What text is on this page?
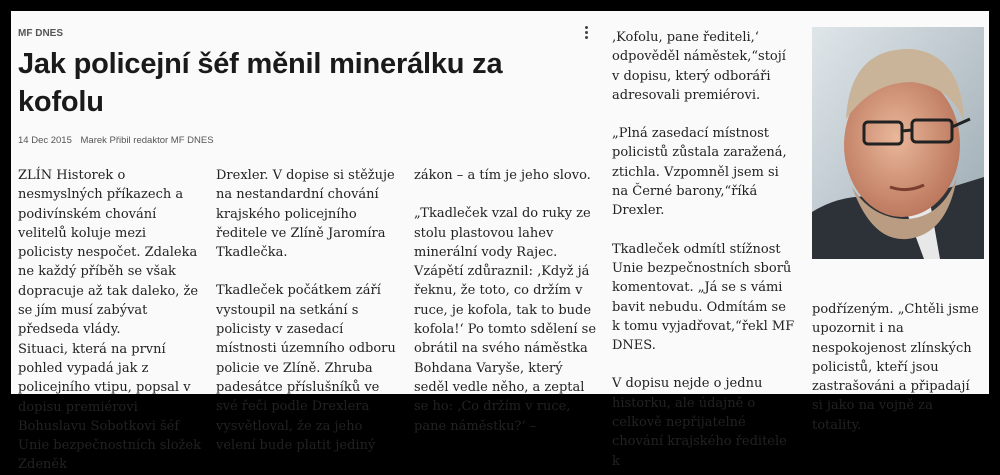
MF DNES
Jak policejní šéf měnil minerálku za kofolu
14 Dec 2015 Marek Přibil redaktor MF DNES

ZLÍN Historek o nesmyslných příkazech a podivínském chování velitelů koluje mezi policisty nespočet. Zdaleka ne každý příběh se však dopracuje až tak daleko, že se jím musí zabývat předseda vlády.

Situaci, která na první pohled vypadá jak z policejního vtipu, popsal v dopisu premiérovi Bohuslavu Sobotkovi šéf Unie bezpečnostních složek Zdeněk

Drexler. V dopise si stěžuje na nestandardní chování krajského policejního ředitele ve Zlíně Jaromíra Tkadlečka.

Tkadleček počátkem září vystoupil na setkání s policisty v zasedací místnosti územního odboru policie ve Zlíně. Zhruba padesátce příslušníků ve své řeči podle Drexlera vysvětloval, že za jeho velení bude platit jediný

zákon – a tím je jeho slovo.

„Tkadleček vzal do ruky ze stolu plastovou lahev minerální vody Rajec. Vzápětí zdůraznil: ‚Když já řeknu, že toto, co držím v ruce, je kofola, tak to bude kofola!‘ Po tomto sdělení se obrátil na svého náměstka Bohdana Varyše, který seděl vedle něho, a zeptal se ho: ‚Co držím v ruce, pane náměstku?‘ –

‚Kofolu, pane řediteli,‘ odpověděl náměstek,“stojí v dopisu, který odboráři adresovali premiérovi.

„Plná zasedací místnost policistů zůstala zaražená, ztichla. Vzpomněl jsem si na Černé barony,“říká Drexler.

Tkadleček odmítl stížnost Unie bezpečnostních sborů komentovat. „Já se s vámi bavit nebudu. Odmítám se k tomu vyjadřovat,“řekl MF DNES.

V dopisu nejde o jednu historku, ale údajně o celkově nepřijatelné chování krajského ředitele k

podřízeným. „Chtěli jsme upozornit i na nespokojenost zlínských policistů, kteří jsou zastrašováni a připadají si jako na vojně za totality.
